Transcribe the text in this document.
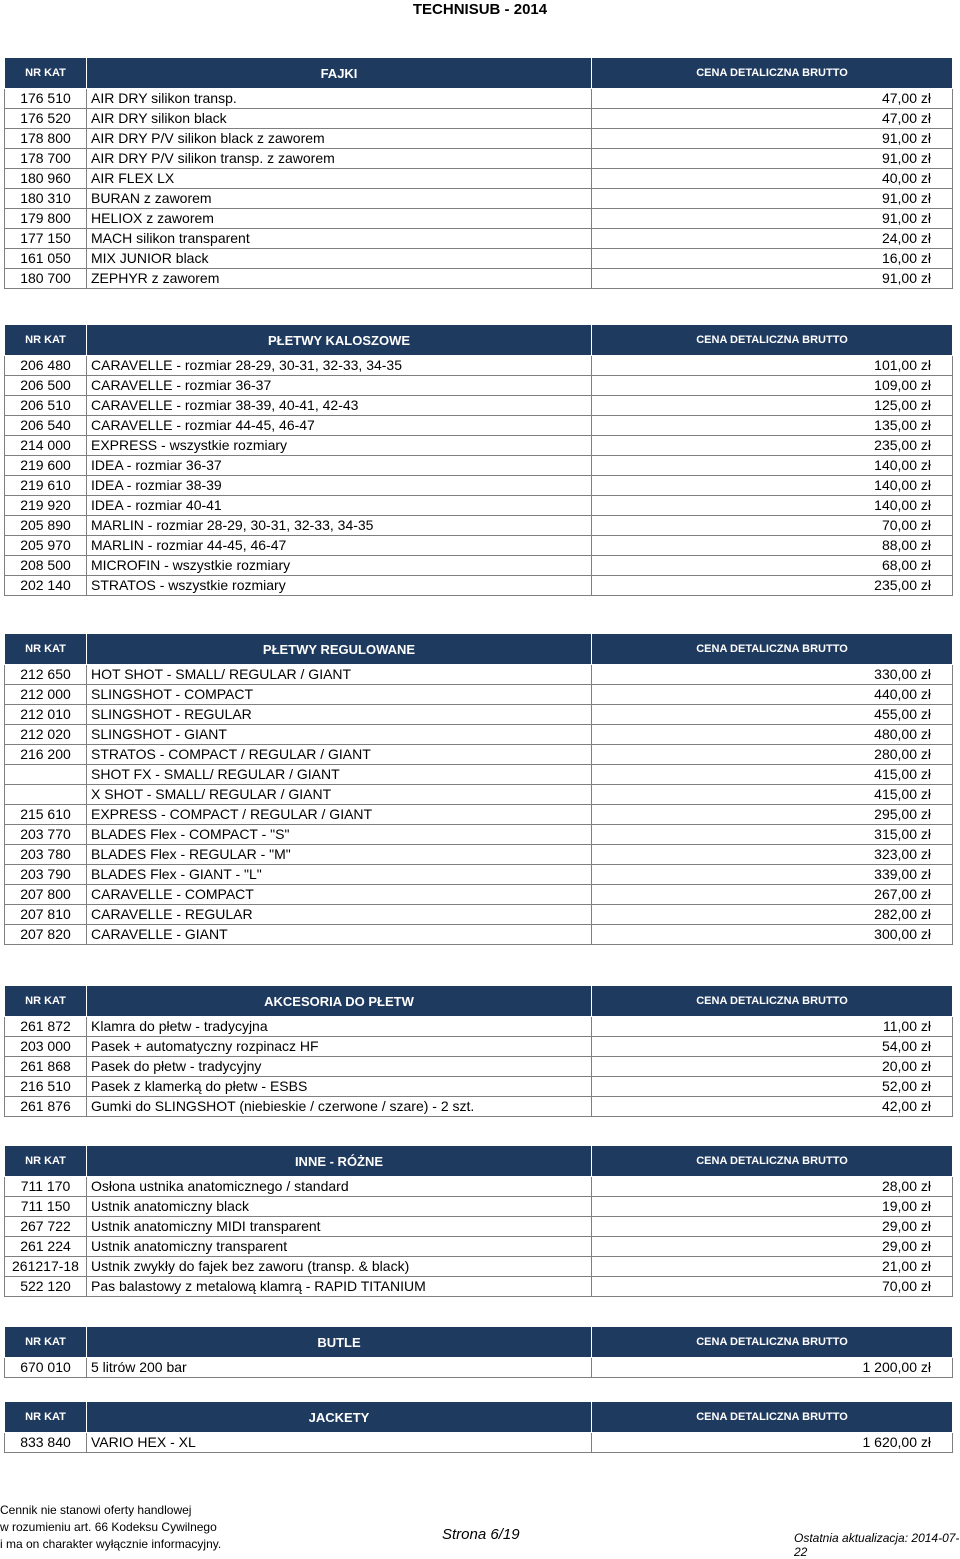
TECHNISUB - 2014
NR KAT	FAJKI	CENA DETALICZNA BRUTTO
176 510	AIR DRY silikon transp.	47,00 zł
176 520	AIR DRY silikon black	47,00 zł
178 800	AIR DRY P/V silikon black z zaworem	91,00 zł
178 700	AIR DRY P/V silikon transp. z zaworem	91,00 zł
180 960	AIR FLEX LX	40,00 zł
180 310	BURAN z zaworem	91,00 zł
179 800	HELIOX z zaworem	91,00 zł
177 150	MACH silikon transparent	24,00 zł
161 050	MIX JUNIOR black	16,00 zł
180 700	ZEPHYR z zaworem	91,00 zł
NR KAT	PŁETWY KALOSZOWE	CENA DETALICZNA BRUTTO
206 480	CARAVELLE - rozmiar 28-29, 30-31, 32-33, 34-35	101,00 zł
206 500	CARAVELLE - rozmiar 36-37	109,00 zł
206 510	CARAVELLE - rozmiar 38-39, 40-41, 42-43	125,00 zł
206 540	CARAVELLE - rozmiar 44-45, 46-47	135,00 zł
214 000	EXPRESS - wszystkie rozmiary	235,00 zł
219 600	IDEA - rozmiar 36-37	140,00 zł
219 610	IDEA - rozmiar 38-39	140,00 zł
219 920	IDEA - rozmiar 40-41	140,00 zł
205 890	MARLIN - rozmiar 28-29, 30-31, 32-33, 34-35	70,00 zł
205 970	MARLIN - rozmiar 44-45, 46-47	88,00 zł
208 500	MICROFIN - wszystkie rozmiary	68,00 zł
202 140	STRATOS - wszystkie rozmiary	235,00 zł
NR KAT	PŁETWY REGULOWANE	CENA DETALICZNA BRUTTO
212 650	HOT SHOT - SMALL/ REGULAR / GIANT	330,00 zł
212 000	SLINGSHOT - COMPACT	440,00 zł
212 010	SLINGSHOT - REGULAR	455,00 zł
212 020	SLINGSHOT - GIANT	480,00 zł
216 200	STRATOS - COMPACT / REGULAR / GIANT	280,00 zł
	SHOT FX - SMALL/ REGULAR / GIANT	415,00 zł
	X SHOT - SMALL/ REGULAR / GIANT	415,00 zł
215 610	EXPRESS - COMPACT / REGULAR / GIANT	295,00 zł
203 770	BLADES Flex - COMPACT - "S"	315,00 zł
203 780	BLADES Flex - REGULAR - "M"	323,00 zł
203 790	BLADES Flex - GIANT - "L"	339,00 zł
207 800	CARAVELLE - COMPACT	267,00 zł
207 810	CARAVELLE - REGULAR	282,00 zł
207 820	CARAVELLE - GIANT	300,00 zł
NR KAT	AKCESORIA DO PŁETW	CENA DETALICZNA BRUTTO
261 872	Klamra do płetw - tradycyjna	11,00 zł
203 000	Pasek + automatyczny rozpinacz HF	54,00 zł
261 868	Pasek do płetw - tradycyjny	20,00 zł
216 510	Pasek z klamerką do płetw - ESBS	52,00 zł
261 876	Gumki do SLINGSHOT (niebieskie / czerwone / szare) - 2 szt.	42,00 zł
NR KAT	INNE - RÓŻNE	CENA DETALICZNA BRUTTO
711 170	Osłona ustnika anatomicznego / standard	28,00 zł
711 150	Ustnik anatomiczny black	19,00 zł
267 722	Ustnik anatomiczny MIDI transparent	29,00 zł
261 224	Ustnik anatomiczny transparent	29,00 zł
261217-18	Ustnik zwykły do fajek bez zaworu (transp. & black)	21,00 zł
522 120	Pas balastowy z metalową klamrą - RAPID TITANIUM	70,00 zł
NR KAT	BUTLE	CENA DETALICZNA BRUTTO
670 010	5 litrów 200 bar	1 200,00 zł
NR KAT	JACKETY	CENA DETALICZNA BRUTTO
833 840	VARIO HEX - XL	1 620,00 zł
Cennik nie stanowi oferty handlowej
w rozumieniu art. 66 Kodeksu Cywilnego
i ma on charakter wyłącznie informacyjny.
Strona 6/19	Ostatnia aktualizacja: 2014-07-22
